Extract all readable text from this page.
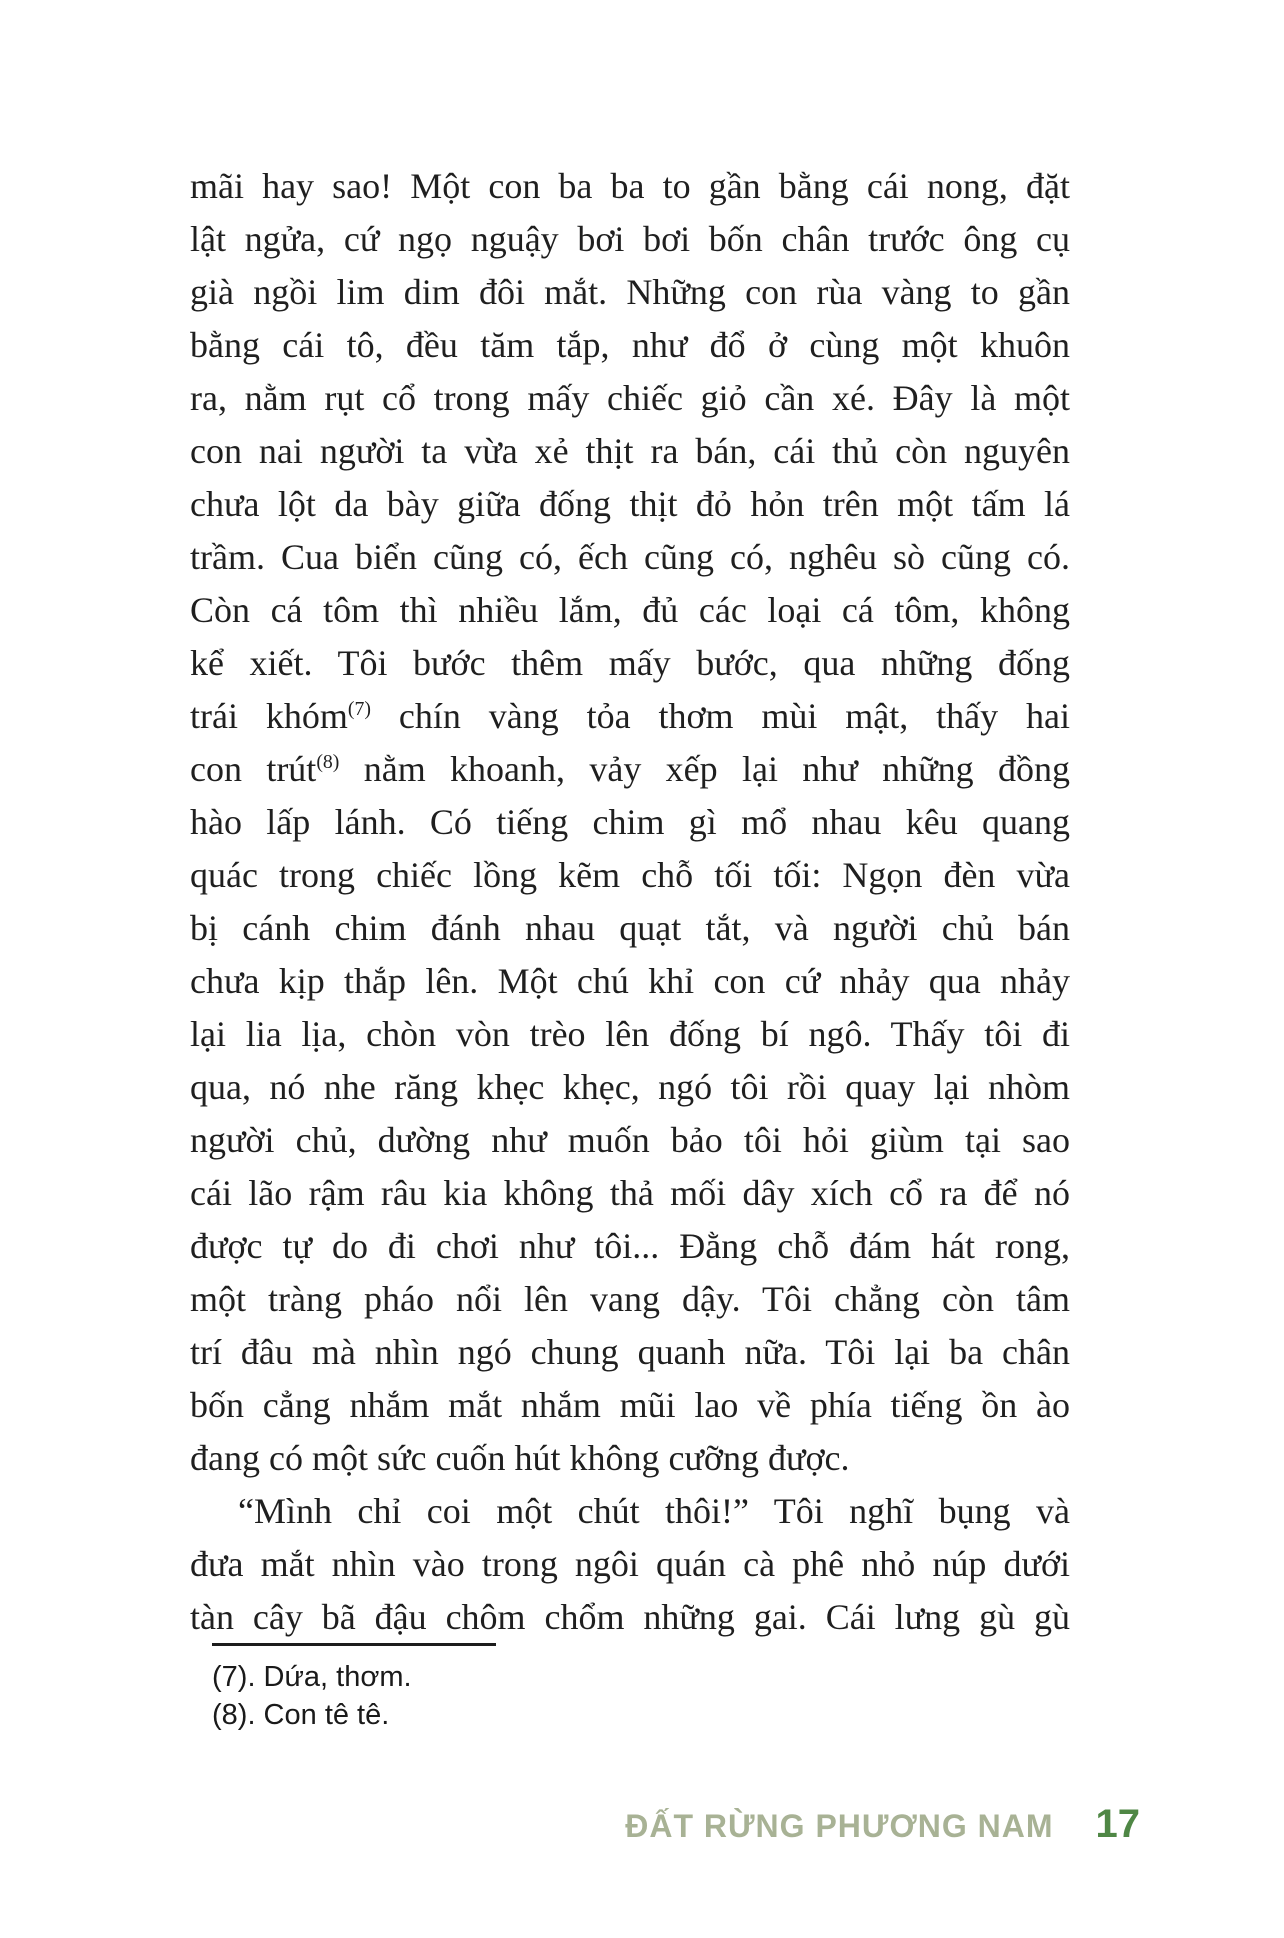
mãi hay sao! Một con ba ba to gần bằng cái nong, đặt
lật ngửa, cứ ngọ nguậy bơi bơi bốn chân trước ông cụ
già ngồi lim dim đôi mắt. Những con rùa vàng to gần
bằng cái tô, đều tăm tắp, như đổ ở cùng một khuôn
ra, nằm rụt cổ trong mấy chiếc giỏ cần xé. Đây là một
con nai người ta vừa xẻ thịt ra bán, cái thủ còn nguyên
chưa lột da bày giữa đống thịt đỏ hỏn trên một tấm lá
trầm. Cua biển cũng có, ếch cũng có, nghêu sò cũng có.
Còn cá tôm thì nhiều lắm, đủ các loại cá tôm, không
kể xiết. Tôi bước thêm mấy bước, qua những đống
trái khóm$^{(7)}$ chín vàng tỏa thơm mùi mật, thấy hai
con trút$^{(8)}$ nằm khoanh, vảy xếp lại như những đồng
hào lấp lánh. Có tiếng chim gì mổ nhau kêu quang
quác trong chiếc lồng kẽm chỗ tối tối: Ngọn đèn vừa
bị cánh chim đánh nhau quạt tắt, và người chủ bán
chưa kịp thắp lên. Một chú khỉ con cứ nhảy qua nhảy
lại lia lịa, chòn vòn trèo lên đống bí ngô. Thấy tôi đi
qua, nó nhe răng khẹc khẹc, ngó tôi rồi quay lại nhòm
người chủ, dường như muốn bảo tôi hỏi giùm tại sao
cái lão rậm râu kia không thả mối dây xích cổ ra để nó
được tự do đi chơi như tôi... Đằng chỗ đám hát rong,
một tràng pháo nổi lên vang dậy. Tôi chẳng còn tâm
trí đâu mà nhìn ngó chung quanh nữa. Tôi lại ba chân
bốn cẳng nhắm mắt nhắm mũi lao về phía tiếng ồn ào
đang có một sức cuốn hút không cưỡng được.
“Mình chỉ coi một chút thôi!” Tôi nghĩ bụng và
đưa mắt nhìn vào trong ngôi quán cà phê nhỏ núp dưới
tàn cây bã đậu chôm chổm những gai. Cái lưng gù gù
(7). Dứa, thơm.
(8). Con tê tê.
ĐẤT RỪNG PHƯƠNG NAM 17
